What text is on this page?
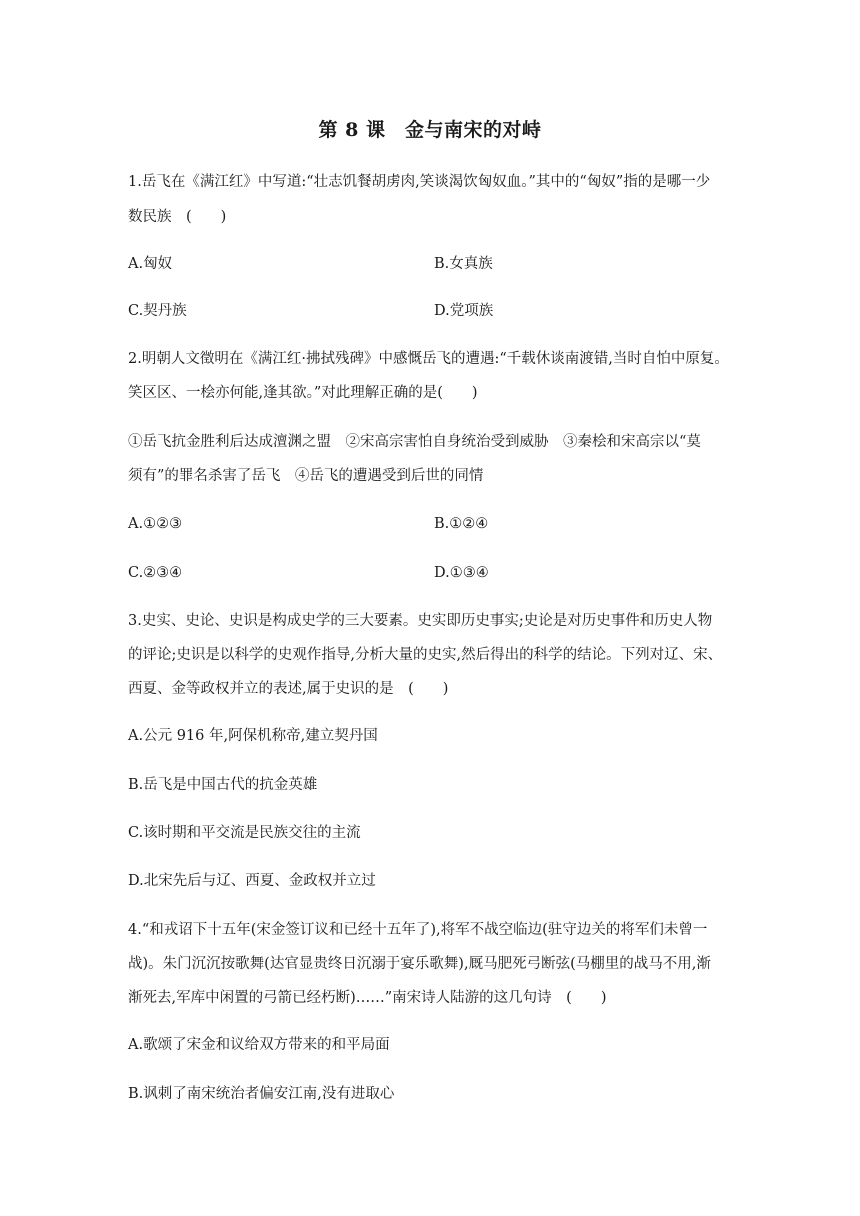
第 8 课　金与南宋的对峙
1.岳飞在《满江红》中写道:“壮志饥餐胡虏肉,笑谈渴饮匈奴血。”其中的“匈奴”指的是哪一少
数民族　(　　)
A.匈奴	B.女真族
C.契丹族	D.党项族
2.明朝人文徵明在《满江红·拂拭残碑》中感慨岳飞的遭遇:“千载休谈南渡错,当时自怕中原复。
笑区区、一桧亦何能,逢其欲。”对此理解正确的是(　　)
①岳飞抗金胜利后达成澶渊之盟　②宋高宗害怕自身统治受到威胁　③秦桧和宋高宗以“莫
须有”的罪名杀害了岳飞　④岳飞的遭遇受到后世的同情
A.①②③	B.①②④
C.②③④	D.①③④
3.史实、史论、史识是构成史学的三大要素。史实即历史事实;史论是对历史事件和历史人物
的评论;史识是以科学的史观作指导,分析大量的史实,然后得出的科学的结论。下列对辽、宋、
西夏、金等政权并立的表述,属于史识的是　(　　)
A.公元 916 年,阿保机称帝,建立契丹国
B.岳飞是中国古代的抗金英雄
C.该时期和平交流是民族交往的主流
D.北宋先后与辽、西夏、金政权并立过
4.“和戎诏下十五年(宋金签订议和已经十五年了),将军不战空临边(驻守边关的将军们未曾一
战)。朱门沉沉按歌舞(达官显贵终日沉溺于宴乐歌舞),厩马肥死弓断弦(马棚里的战马不用,渐
渐死去,军库中闲置的弓箭已经朽断)……”南宋诗人陆游的这几句诗　(　　)
A.歌颂了宋金和议给双方带来的和平局面
B.讽刺了南宋统治者偏安江南,没有进取心
